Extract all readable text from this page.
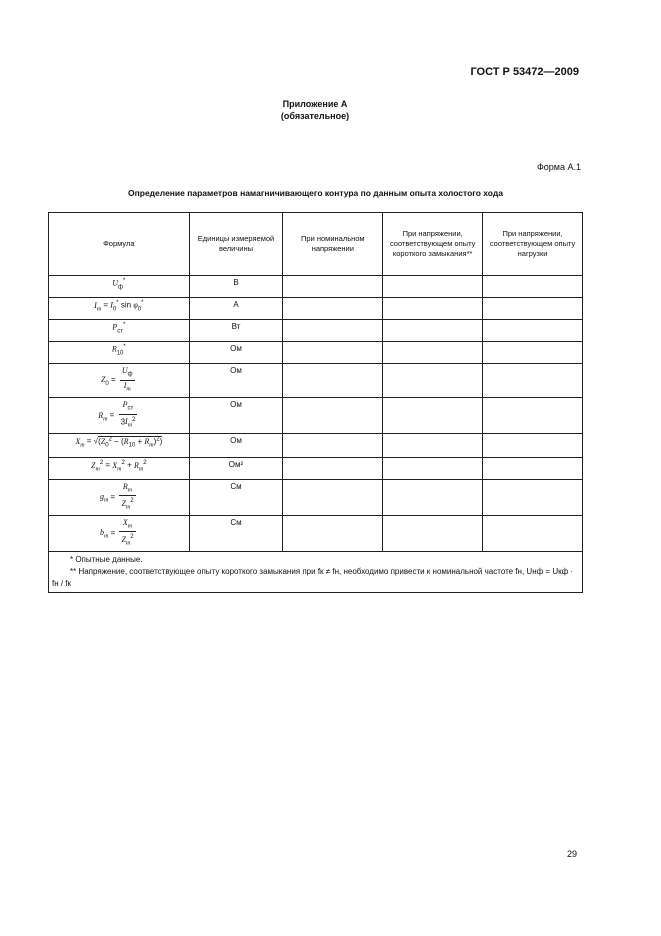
ГОСТ Р 53472—2009
Приложение А
(обязательное)
Форма А.1
Определение параметров намагничивающего контура по данным опыта холостого хода
Формула	Единицы измеряемой величины	При номинальном напряжении	При напряжении, соответствующем опыту короткого замыкания**	При напряжении, соответствующем опыту нагрузки
$U_ф^*$	В			
$I_m = I_0^*$ $\sin \varphi_0^*$	А			
$P_{ст}^*$	Вт			
$R_{10}^*$	Ом			
$Z_0 = \frac{U_ф}{I_m}$	Ом			
$R_m = \frac{P_{ст}}{3I_m^2}$	Ом			
$X_m = √(Z_0^2 - (R_{10} + R_m)^2)$	Ом			
$Z_m^2 = X_m^2 + R_m^2$	Ом²			
$g_m = \frac{R_m}{Z_m^2}$	См			
$b_m = \frac{X_m}{Z_m^2}$	См			

* Опытные данные.
** Напряжение, соответствующее опыту короткого замыкания при fк ≠ fн, необходимо привести к номинальной частоте fн, Uнф = Uкф · fн / fк				
29
